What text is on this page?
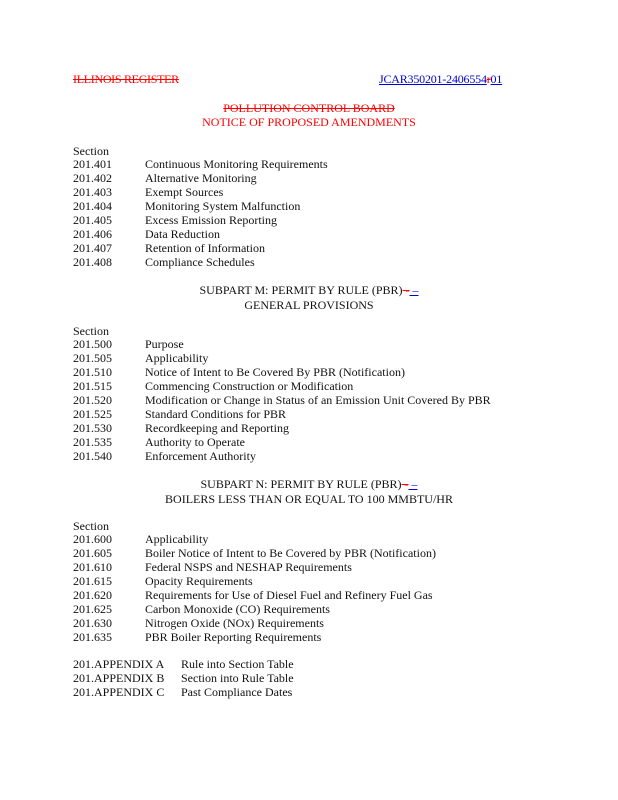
ILLINOIS REGISTER	JCAR350201-2406554r01
POLLUTION CONTROL BOARD
NOTICE OF PROPOSED AMENDMENTS
Section
201.401	Continuous Monitoring Requirements
201.402	Alternative Monitoring
201.403	Exempt Sources
201.404	Monitoring System Malfunction
201.405	Excess Emission Reporting
201.406	Data Reduction
201.407	Retention of Information
201.408	Compliance Schedules
SUBPART M: PERMIT BY RULE (PBR) - –
GENERAL PROVISIONS
Section
201.500	Purpose
201.505	Applicability
201.510	Notice of Intent to Be Covered By PBR (Notification)
201.515	Commencing Construction or Modification
201.520	Modification or Change in Status of an Emission Unit Covered By PBR
201.525	Standard Conditions for PBR
201.530	Recordkeeping and Reporting
201.535	Authority to Operate
201.540	Enforcement Authority
SUBPART N: PERMIT BY RULE (PBR) - –
BOILERS LESS THAN OR EQUAL TO 100 MMBTU/HR
Section
201.600	Applicability
201.605	Boiler Notice of Intent to Be Covered by PBR (Notification)
201.610	Federal NSPS and NESHAP Requirements
201.615	Opacity Requirements
201.620	Requirements for Use of Diesel Fuel and Refinery Fuel Gas
201.625	Carbon Monoxide (CO) Requirements
201.630	Nitrogen Oxide (NOx) Requirements
201.635	PBR Boiler Reporting Requirements
201.APPENDIX A Rule into Section Table
201.APPENDIX B Section into Rule Table
201.APPENDIX C Past Compliance Dates
